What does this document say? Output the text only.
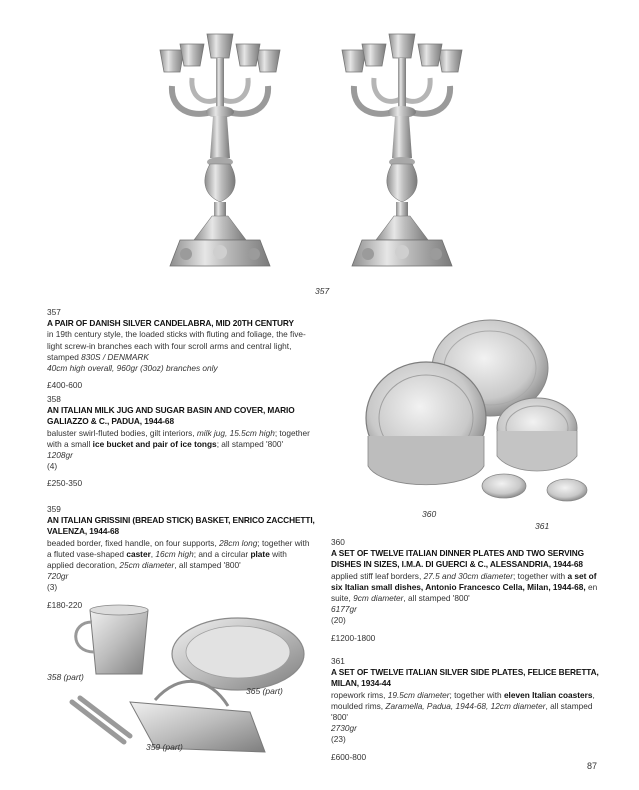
357
360
361
358 (part)
365 (part)
359 (part)
357
A PAIR OF DANISH SILVER CANDELABRA, MID 20TH CENTURY
in 19th century style, the loaded sticks with fluting and foliage, the five-light screw-in branches each with four scroll arms and central light, stamped 830S / DENMARK
40cm high overall, 960gr (30oz) branches only
£400-600
358
AN ITALIAN MILK JUG AND SUGAR BASIN AND COVER, MARIO GALIAZZO & C., PADUA, 1944-68
baluster swirl-fluted bodies, gilt interiors, milk jug, 15.5cm high; together with a small ice bucket and pair of ice tongs; all stamped '800'
1208gr
(4)
£250-350
359
AN ITALIAN GRISSINI (BREAD STICK) BASKET, ENRICO ZACCHETTI, VALENZA, 1944-68
beaded border, fixed handle, on four supports, 28cm long; together with a fluted vase-shaped caster, 16cm high; and a circular plate with applied decoration, 25cm diameter, all stamped '800'
720gr
(3)
£180-220
360
A SET OF TWELVE ITALIAN DINNER PLATES AND TWO SERVING DISHES IN SIZES, I.M.A. DI GUERCI & C., ALESSANDRIA, 1944-68
applied stiff leaf borders, 27.5 and 30cm diameter; together with a set of six Italian small dishes, Antonio Francesco Cella, Milan, 1944-68, en suite, 9cm diameter, all stamped '800'
6177gr
(20)
£1200-1800
361
A SET OF TWELVE ITALIAN SILVER SIDE PLATES, FELICE BERETTA, MILAN, 1934-44
ropework rims, 19.5cm diameter; together with eleven Italian coasters, moulded rims, Zaramella, Padua, 1944-68, 12cm diameter, all stamped '800'
2730gr
(23)
£600-800
87
